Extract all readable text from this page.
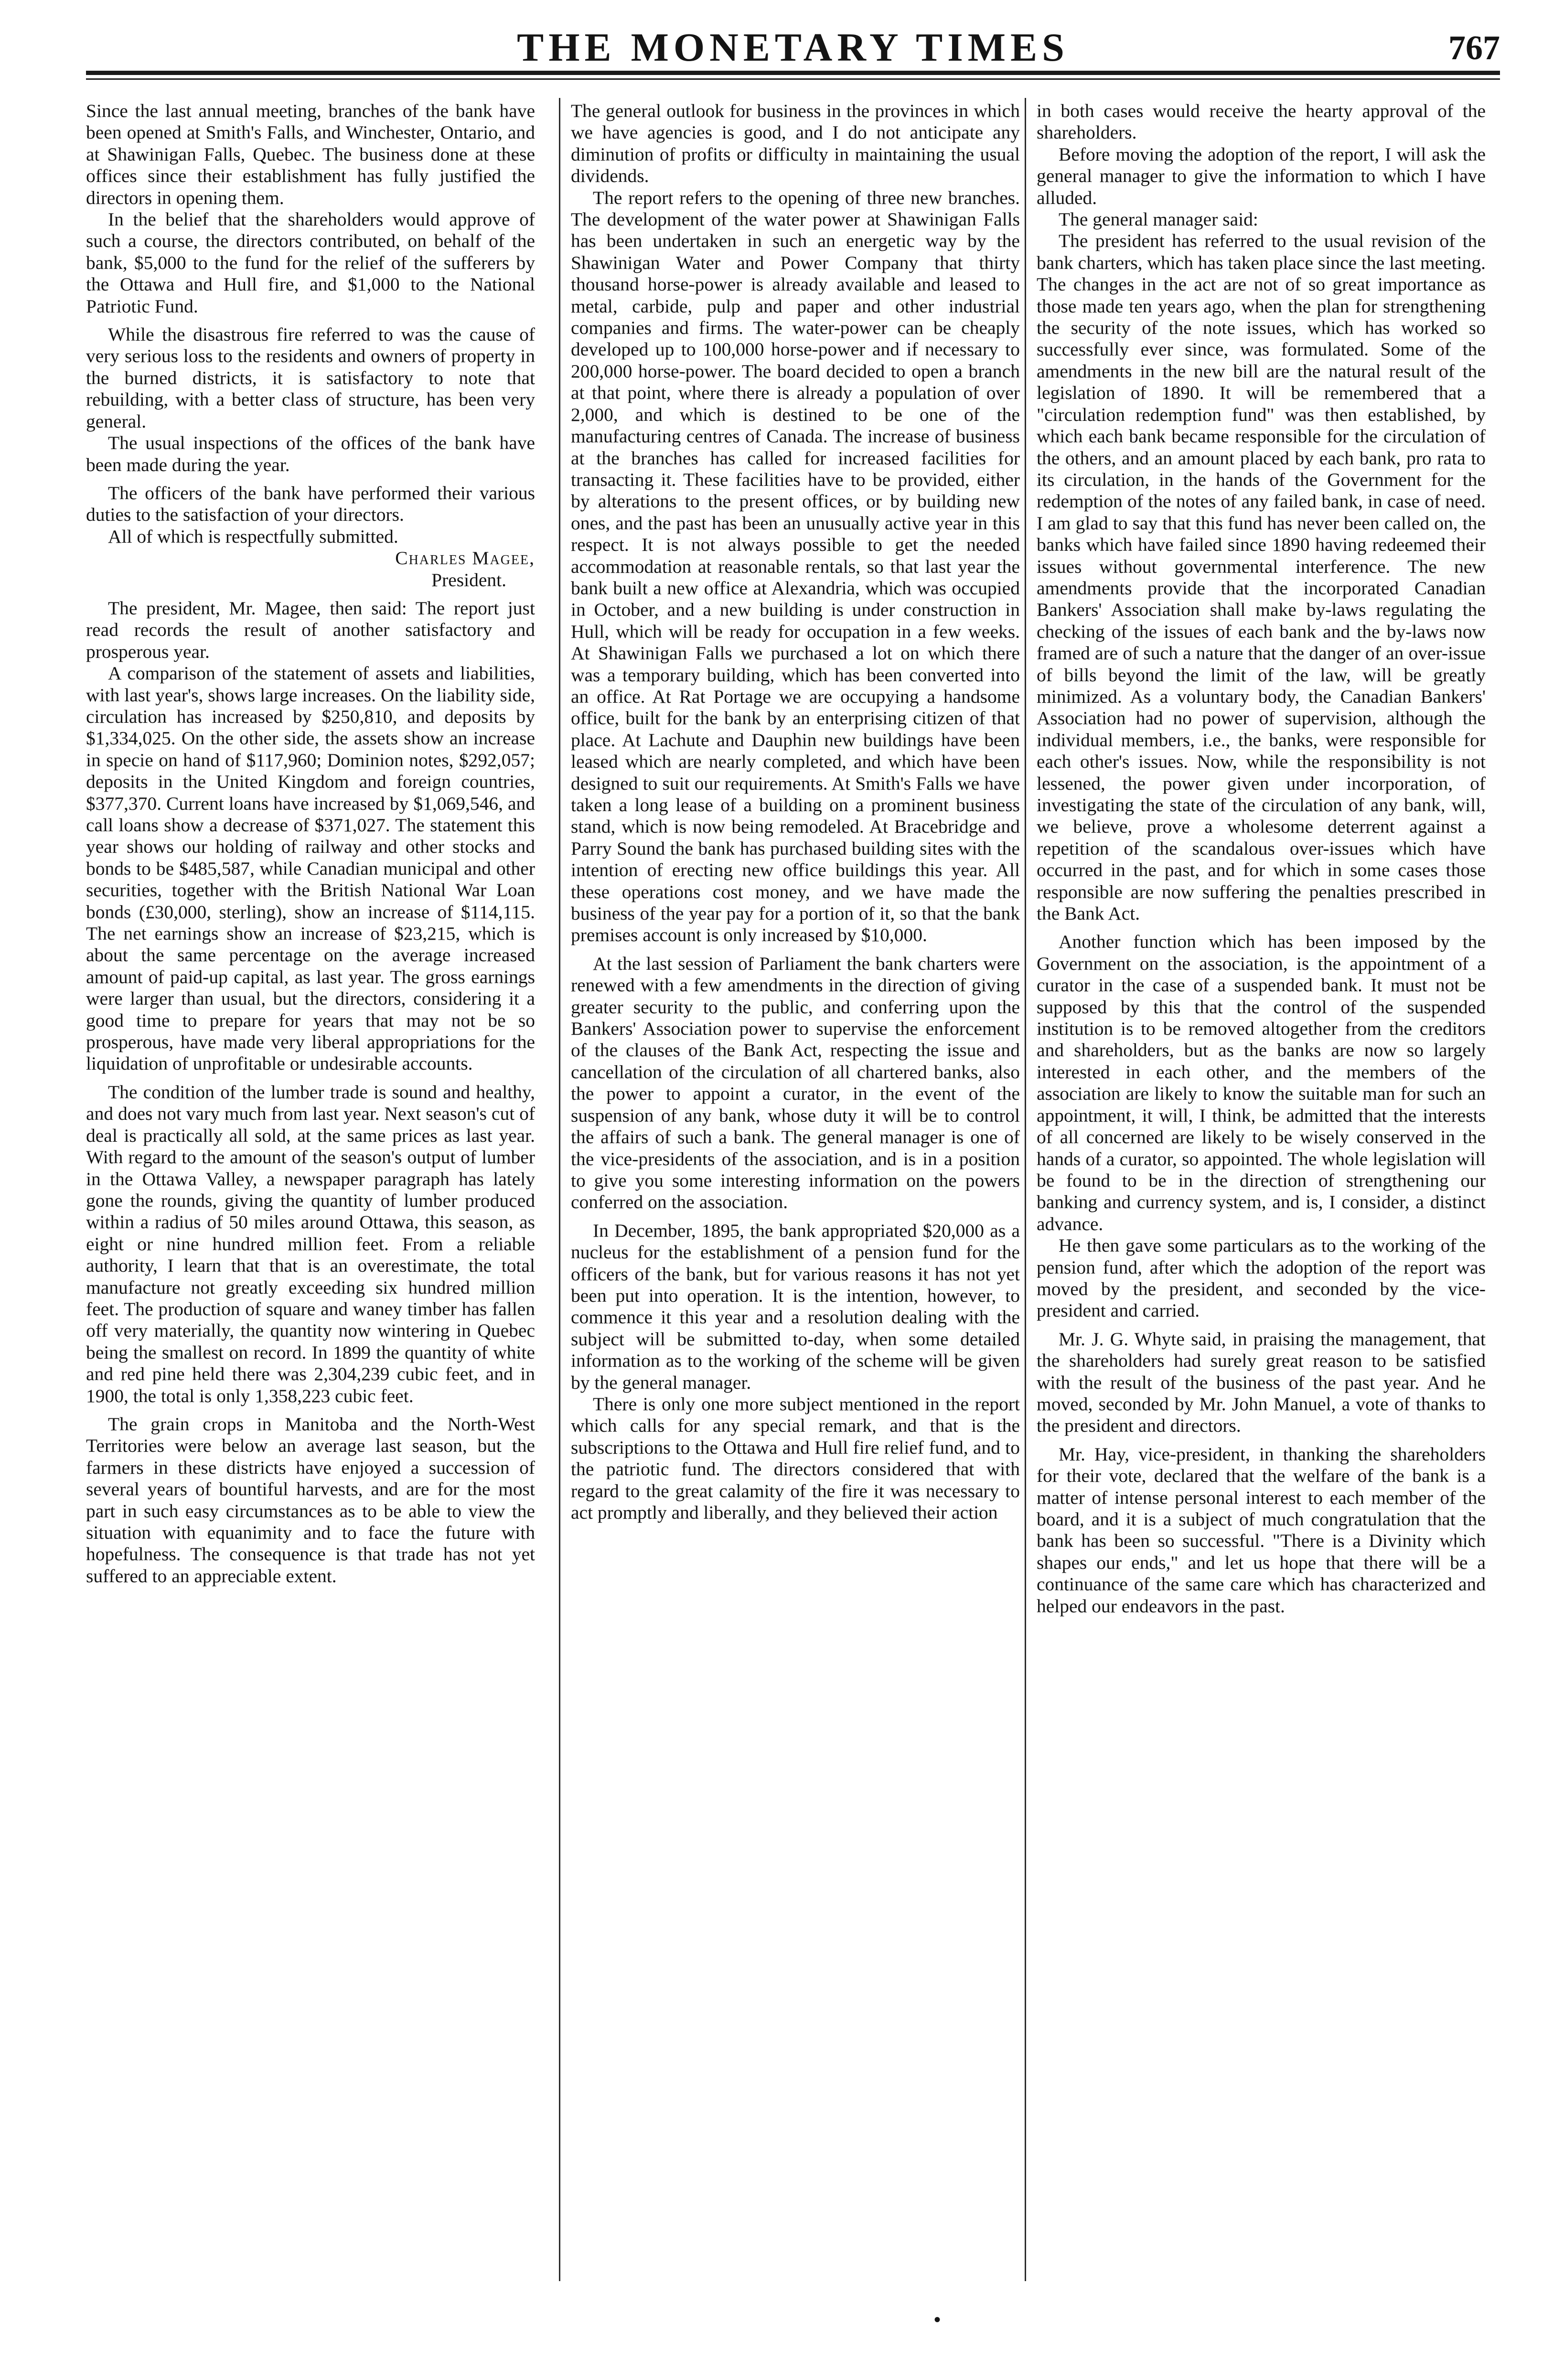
THE MONETARY TIMES	767

Since the last annual meeting, branches of the bank have been opened at Smith's Falls, and Winchester, Ontario, and at Shawinigan Falls, Quebec. The business done at these offices since their establishment has fully justified the directors in opening them.

In the belief that the shareholders would approve of such a course, the directors contributed, on behalf of the bank, $5,000 to the fund for the relief of the sufferers by the Ottawa and Hull fire, and $1,000 to the National Patriotic Fund.

While the disastrous fire referred to was the cause of very serious loss to the residents and owners of property in the burned districts, it is satisfactory to note that rebuilding, with a better class of structure, has been very general.

The usual inspections of the offices of the bank have been made during the year.

The officers of the bank have performed their various duties to the satisfaction of your directors.

All of which is respectfully submitted.

Charles Magee,

President.

The president, Mr. Magee, then said: The report just read records the result of another satisfactory and prosperous year.

A comparison of the statement of assets and liabilities, with last year's, shows large increases. On the liability side, circulation has increased by $250,810, and deposits by $1,334,025. On the other side, the assets show an increase in specie on hand of $117,960; Dominion notes, $292,057; deposits in the United Kingdom and foreign countries, $377,370. Current loans have increased by $1,069,546, and call loans show a decrease of $371,027. The statement this year shows our holding of railway and other stocks and bonds to be $485,587, while Canadian municipal and other securities, together with the British National War Loan bonds (£30,000, sterling), show an increase of $114,115. The net earnings show an increase of $23,215, which is about the same percentage on the average increased amount of paid-up capital, as last year. The gross earnings were larger than usual, but the directors, considering it a good time to prepare for years that may not be so prosperous, have made very liberal appropriations for the liquidation of unprofitable or undesirable accounts.

The condition of the lumber trade is sound and healthy, and does not vary much from last year. Next season's cut of deal is practically all sold, at the same prices as last year. With regard to the amount of the season's output of lumber in the Ottawa Valley, a newspaper paragraph has lately gone the rounds, giving the quantity of lumber produced within a radius of 50 miles around Ottawa, this season, as eight or nine hundred million feet. From a reliable authority, I learn that that is an overestimate, the total manufacture not greatly exceeding six hundred million feet. The production of square and waney timber has fallen off very materially, the quantity now wintering in Quebec being the smallest on record. In 1899 the quantity of white and red pine held there was 2,304,239 cubic feet, and in 1900, the total is only 1,358,223 cubic feet.

The grain crops in Manitoba and the North-West Territories were below an average last season, but the farmers in these districts have enjoyed a succession of several years of bountiful harvests, and are for the most part in such easy circumstances as to be able to view the situation with equanimity and to face the future with hopefulness. The consequence is that trade has not yet suffered to an appreciable extent.

The general outlook for business in the provinces in which we have agencies is good, and I do not anticipate any diminution of profits or difficulty in maintaining the usual dividends.

The report refers to the opening of three new branches. The development of the water power at Shawinigan Falls has been undertaken in such an energetic way by the Shawinigan Water and Power Company that thirty thousand horse-power is already available and leased to metal, carbide, pulp and paper and other industrial companies and firms. The water-power can be cheaply developed up to 100,000 horse-power and if necessary to 200,000 horse-power. The board decided to open a branch at that point, where there is already a population of over 2,000, and which is destined to be one of the manufacturing centres of Canada. The increase of business at the branches has called for increased facilities for transacting it. These facilities have to be provided, either by alterations to the present offices, or by building new ones, and the past has been an unusually active year in this respect. It is not always possible to get the needed accommodation at reasonable rentals, so that last year the bank built a new office at Alexandria, which was occupied in October, and a new building is under construction in Hull, which will be ready for occupation in a few weeks. At Shawinigan Falls we purchased a lot on which there was a temporary building, which has been converted into an office. At Rat Portage we are occupying a handsome office, built for the bank by an enterprising citizen of that place. At Lachute and Dauphin new buildings have been leased which are nearly completed, and which have been designed to suit our requirements. At Smith's Falls we have taken a long lease of a building on a prominent business stand, which is now being remodeled. At Bracebridge and Parry Sound the bank has purchased building sites with the intention of erecting new office buildings this year. All these operations cost money, and we have made the business of the year pay for a portion of it, so that the bank premises account is only increased by $10,000.

At the last session of Parliament the bank charters were renewed with a few amendments in the direction of giving greater security to the public, and conferring upon the Bankers' Association power to supervise the enforcement of the clauses of the Bank Act, respecting the issue and cancellation of the circulation of all chartered banks, also the power to appoint a curator, in the event of the suspension of any bank, whose duty it will be to control the affairs of such a bank. The general manager is one of the vice-presidents of the association, and is in a position to give you some interesting information on the powers conferred on the association.

In December, 1895, the bank appropriated $20,000 as a nucleus for the establishment of a pension fund for the officers of the bank, but for various reasons it has not yet been put into operation. It is the intention, however, to commence it this year and a resolution dealing with the subject will be submitted to-day, when some detailed information as to the working of the scheme will be given by the general manager.

There is only one more subject mentioned in the report which calls for any special remark, and that is the subscriptions to the Ottawa and Hull fire relief fund, and to the patriotic fund. The directors considered that with regard to the great calamity of the fire it was necessary to act promptly and liberally, and they believed their action

in both cases would receive the hearty approval of the shareholders.

Before moving the adoption of the report, I will ask the general manager to give the information to which I have alluded.

The general manager said:

The president has referred to the usual revision of the bank charters, which has taken place since the last meeting. The changes in the act are not of so great importance as those made ten years ago, when the plan for strengthening the security of the note issues, which has worked so successfully ever since, was formulated. Some of the amendments in the new bill are the natural result of the legislation of 1890. It will be remembered that a "circulation redemption fund" was then established, by which each bank became responsible for the circulation of the others, and an amount placed by each bank, pro rata to its circulation, in the hands of the Government for the redemption of the notes of any failed bank, in case of need. I am glad to say that this fund has never been called on, the banks which have failed since 1890 having redeemed their issues without governmental interference. The new amendments provide that the incorporated Canadian Bankers' Association shall make by-laws regulating the checking of the issues of each bank and the by-laws now framed are of such a nature that the danger of an over-issue of bills beyond the limit of the law, will be greatly minimized. As a voluntary body, the Canadian Bankers' Association had no power of supervision, although the individual members, i.e., the banks, were responsible for each other's issues. Now, while the responsibility is not lessened, the power given under incorporation, of investigating the state of the circulation of any bank, will, we believe, prove a wholesome deterrent against a repetition of the scandalous over-issues which have occurred in the past, and for which in some cases those responsible are now suffering the penalties prescribed in the Bank Act.

Another function which has been imposed by the Government on the association, is the appointment of a curator in the case of a suspended bank. It must not be supposed by this that the control of the suspended institution is to be removed altogether from the creditors and shareholders, but as the banks are now so largely interested in each other, and the members of the association are likely to know the suitable man for such an appointment, it will, I think, be admitted that the interests of all concerned are likely to be wisely conserved in the hands of a curator, so appointed. The whole legislation will be found to be in the direction of strengthening our banking and currency system, and is, I consider, a distinct advance.

He then gave some particulars as to the working of the pension fund, after which the adoption of the report was moved by the president, and seconded by the vice-president and carried.

Mr. J. G. Whyte said, in praising the management, that the shareholders had surely great reason to be satisfied with the result of the business of the past year. And he moved, seconded by Mr. John Manuel, a vote of thanks to the president and directors.

Mr. Hay, vice-president, in thanking the shareholders for their vote, declared that the welfare of the bank is a matter of intense personal interest to each member of the board, and it is a subject of much congratulation that the bank has been so successful. "There is a Divinity which shapes our ends," and let us hope that there will be a continuance of the same care which has characterized and helped our endeavors in the past.

•
